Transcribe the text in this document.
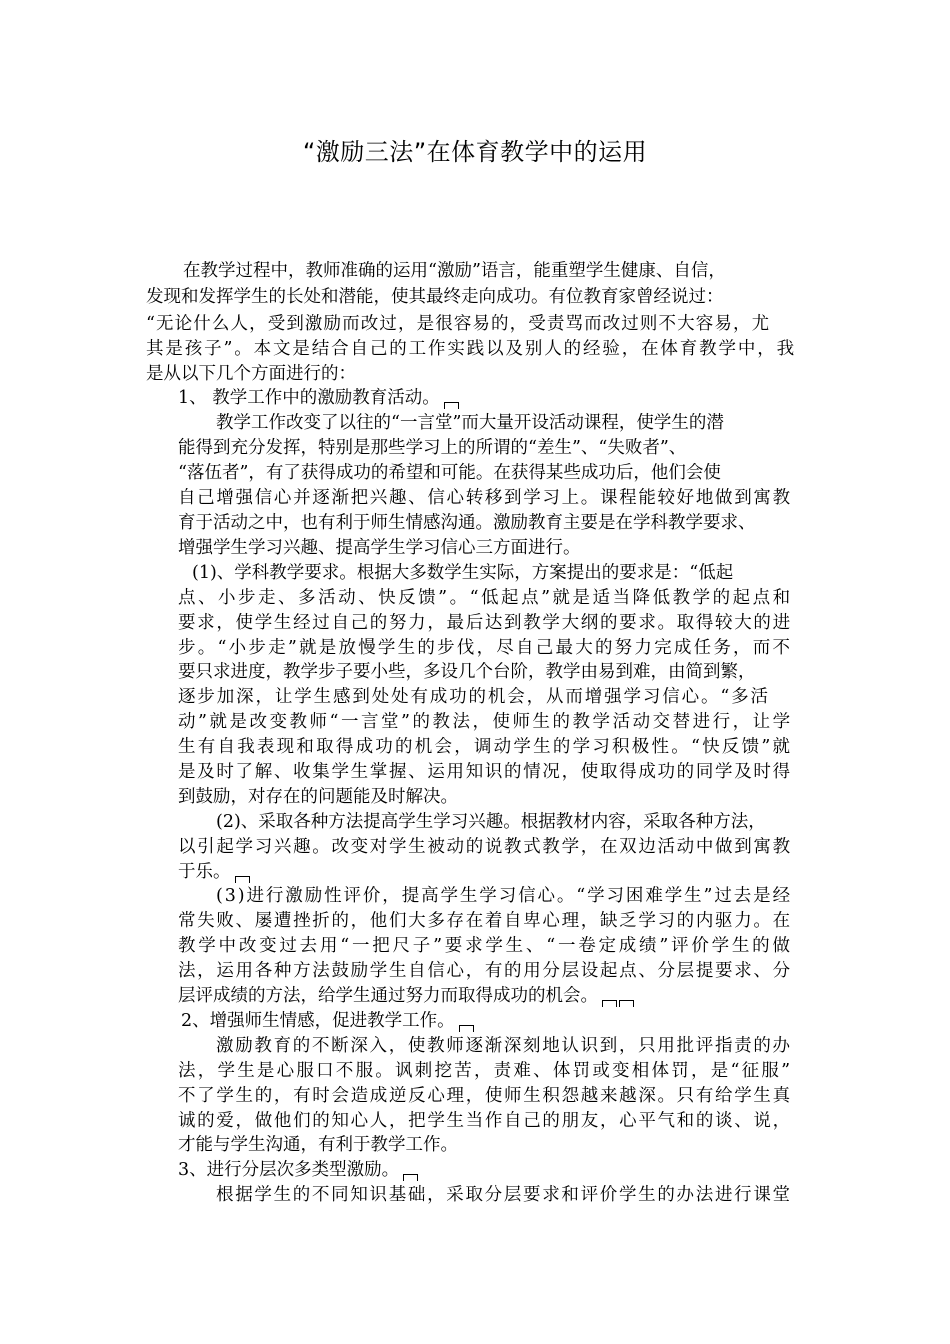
“激励三法”在体育教学中的运用
在教学过程中，教师准确的运用“激励”语言，能重塑学生健康、自信，
发现和发挥学生的长处和潜能，使其最终走向成功。有位教育家曾经说过：
“无论什么人，受到激励而改过，是很容易的，受责骂而改过则不大容易，尤
其是孩子”。本文是结合自己的工作实践以及别人的经验，在体育教学中，我
是从以下几个方面进行的：
1、 教学工作中的激励教育活动。
教学工作改变了以往的“一言堂”而大量开设活动课程，使学生的潜
能得到充分发挥，特别是那些学习上的所谓的“差生”、“失败者”、
“落伍者”，有了获得成功的希望和可能。在获得某些成功后，他们会使
自己增强信心并逐渐把兴趣、信心转移到学习上。课程能较好地做到寓教
育于活动之中，也有利于师生情感沟通。激励教育主要是在学科教学要求、
增强学生学习兴趣、提高学生学习信心三方面进行。
(1)、学科教学要求。根据大多数学生实际，方案提出的要求是：“低起
点、小步走、多活动、快反馈”。“低起点”就是适当降低教学的起点和
要求，使学生经过自己的努力，最后达到教学大纲的要求。取得较大的进
步。“小步走”就是放慢学生的步伐，尽自己最大的努力完成任务，而不
要只求进度，教学步子要小些，多设几个台阶，教学由易到难，由简到繁，
逐步加深，让学生感到处处有成功的机会，从而增强学习信心。“多活
动”就是改变教师“一言堂”的教法，使师生的教学活动交替进行，让学
生有自我表现和取得成功的机会，调动学生的学习积极性。“快反馈”就
是及时了解、收集学生掌握、运用知识的情况，使取得成功的同学及时得
到鼓励，对存在的问题能及时解决。
(2)、采取各种方法提高学生学习兴趣。根据教材内容，采取各种方法，
以引起学习兴趣。改变对学生被动的说教式教学，在双边活动中做到寓教
于乐。
(3)进行激励性评价，提高学生学习信心。“学习困难学生”过去是经
常失败、屡遭挫折的，他们大多存在着自卑心理，缺乏学习的内驱力。在
教学中改变过去用“一把尺子”要求学生、“一卷定成绩”评价学生的做
法，运用各种方法鼓励学生自信心，有的用分层设起点、分层提要求、分
层评成绩的方法，给学生通过努力而取得成功的机会。
2、增强师生情感，促进教学工作。
激励教育的不断深入，使教师逐渐深刻地认识到，只用批评指责的办
法，学生是心服口不服。讽刺挖苦，责难、体罚或变相体罚，是“征服”
不了学生的，有时会造成逆反心理，使师生积怨越来越深。只有给学生真
诚的爱，做他们的知心人，把学生当作自己的朋友，心平气和的谈、说，
才能与学生沟通，有利于教学工作。
3、进行分层次多类型激励。
根据学生的不同知识基础，采取分层要求和评价学生的办法进行课堂
